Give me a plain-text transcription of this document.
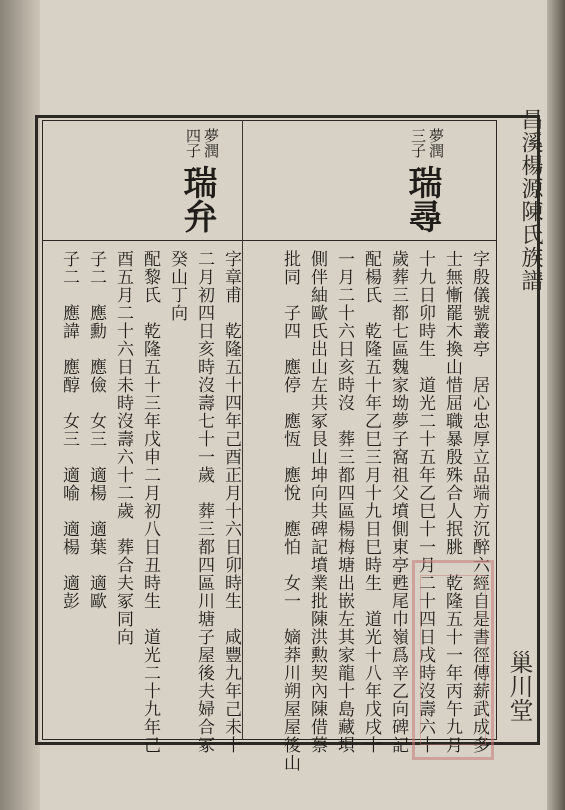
昌溪楊源陳氏族譜
夢潤
三子
瑞尋
夢潤
四子
瑞弁
字殷儀號叢亭　居心忠厚立品端方沉醉六經自是書徑傳薪武成多
士無慚罷木換山惜屈職暴殷殊合人抿脁　乾隆五十一年丙午九月
十九日卯時生　道光二十五年乙巳十一月二十四日戌時沒壽六十
歲葬三都七區魏家坳夢子窩祖父墳側東亭甦尾巾嶺爲辛乙向碑記
配楊氏　乾隆五十年乙巳三月十九日巳時生　道光十八年戊戌十
一月二十六日亥時沒　葬三都四區楊梅塘出嵌左其家龍十島藏垻
側伴紬歐氏出山左共冢艮山坤向共碑記墳業批陳洪勲契內陳借蔡
批同　子四　應停　應恆　應悅　應怕　女一　嫡莽川朔屋屋後山
字章甫　乾隆五十四年己酉正月十六日卯時生　咸豐九年己未十
二月初四日亥時沒壽七十一歲　葬三都四區川塘子屋後夫婦合冢
癸山丁向
配黎氏　乾隆五十三年戊申二月初八日丑時生　道光二十九年己
酉五月二十六日未時沒壽六十二歲　葬合夫冢同向
子二　應勳　應儉　女三　適楊　適葉　適歐
子二　應諱　應醇　女三　適喻　適楊　適彭
巢川堂
